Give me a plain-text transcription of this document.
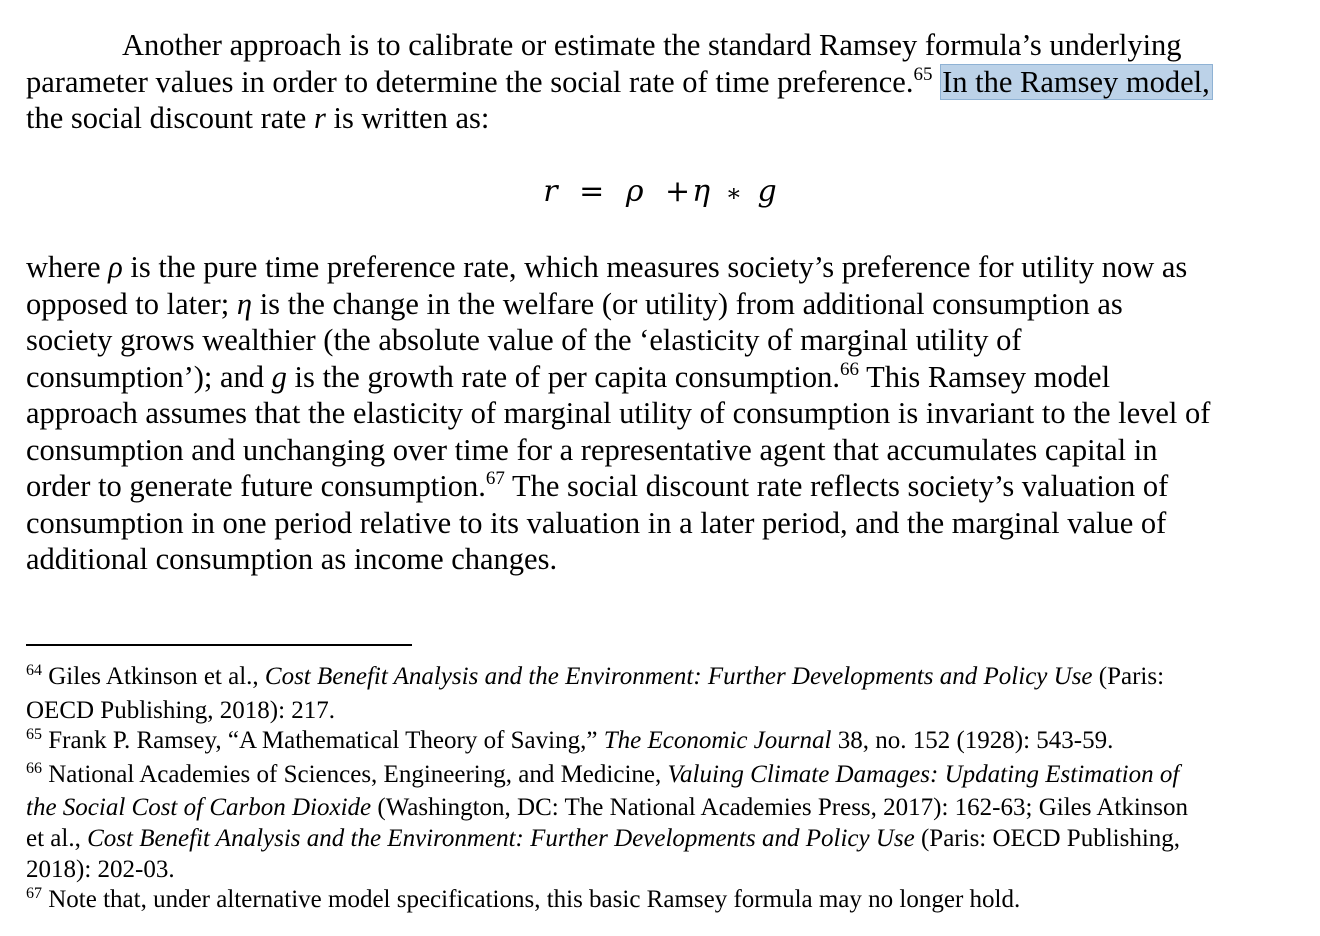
Another approach is to calibrate or estimate the standard Ramsey formula’s underlying
parameter values in order to determine the social rate of time preference.$^{65}$ In the Ramsey model,
the social discount rate r is written as:

r = ρ +η ∗ g

where ρ is the pure time preference rate, which measures society’s preference for utility now as
opposed to later; η is the change in the welfare (or utility) from additional consumption as
society grows wealthier (the absolute value of the ‘elasticity of marginal utility of
consumption’); and g is the growth rate of per capita consumption.$^{66}$ This Ramsey model
approach assumes that the elasticity of marginal utility of consumption is invariant to the level of
consumption and unchanging over time for a representative agent that accumulates capital in
order to generate future consumption.$^{67}$ The social discount rate reflects society’s valuation of
consumption in one period relative to its valuation in a later period, and the marginal value of
additional consumption as income changes.

$^{64}$ Giles Atkinson et al., Cost Benefit Analysis and the Environment: Further Developments and Policy Use (Paris:
OECD Publishing, 2018): 217.
$^{65}$ Frank P. Ramsey, “A Mathematical Theory of Saving,” The Economic Journal 38, no. 152 (1928): 543-59.
$^{66}$ National Academies of Sciences, Engineering, and Medicine, Valuing Climate Damages: Updating Estimation of
the Social Cost of Carbon Dioxide (Washington, DC: The National Academies Press, 2017): 162-63; Giles Atkinson
et al., Cost Benefit Analysis and the Environment: Further Developments and Policy Use (Paris: OECD Publishing,
2018): 202-03.
$^{67}$ Note that, under alternative model specifications, this basic Ramsey formula may no longer hold.
